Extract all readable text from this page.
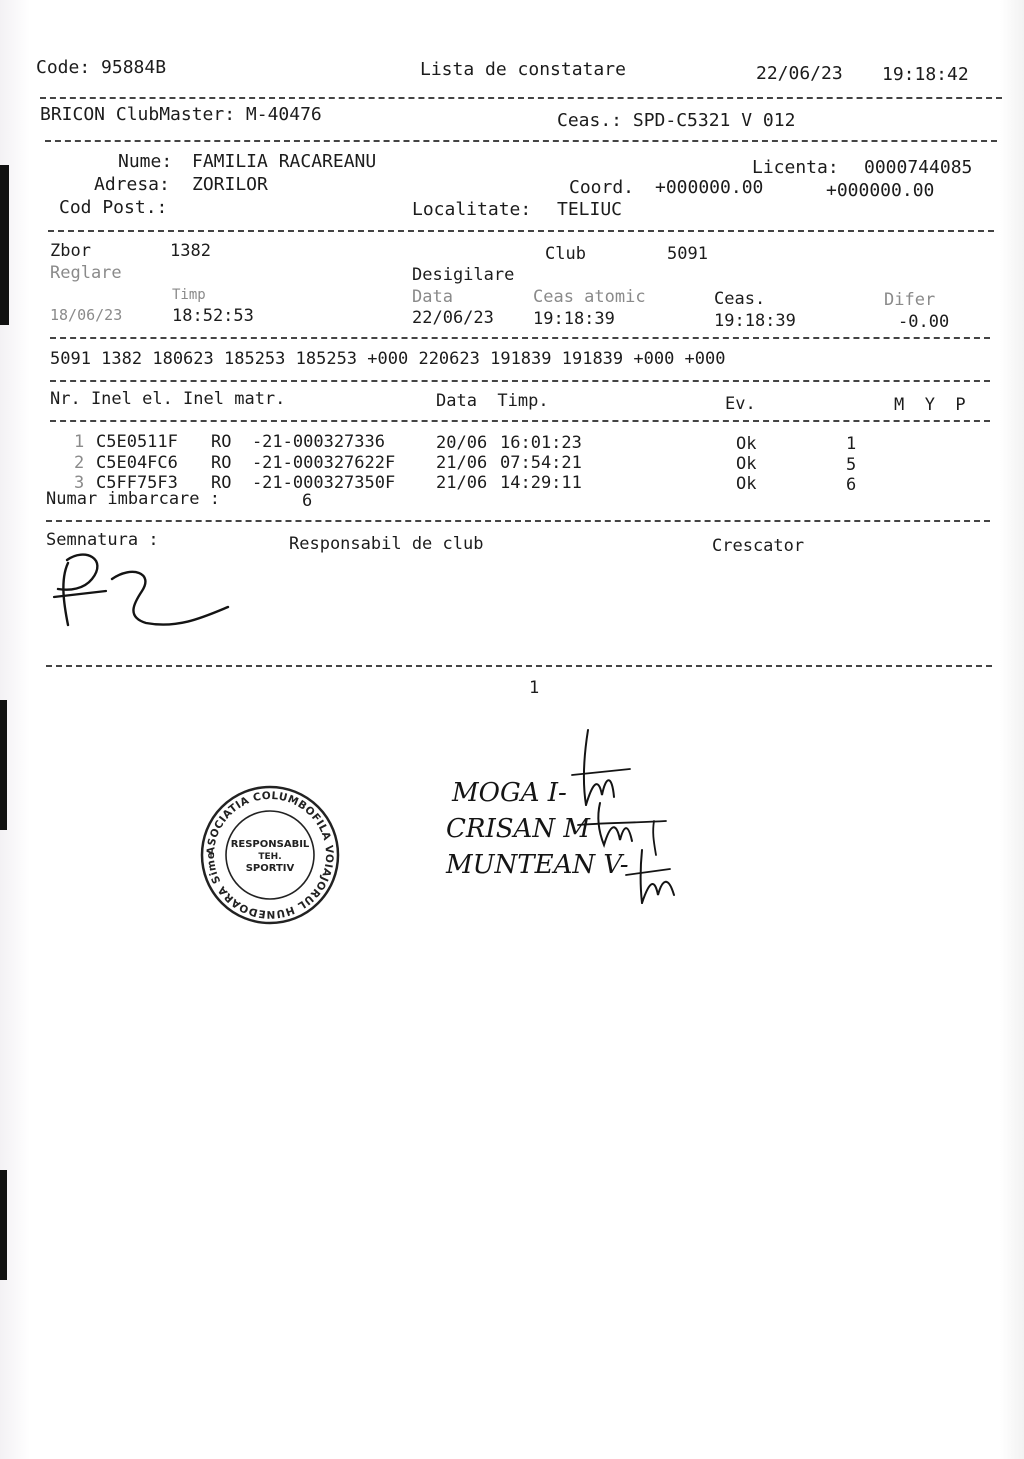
Code: 95884B	Lista de constatare	22/06/23 19:18:42
BRICON ClubMaster: M-40476	Ceas.: SPD-C5321 V 012
Nume: FAMILIA RACAREANU	Licenta: 0000744085
Adresa: ZORILOR	Coord. +000000.00	+000000.00
Cod Post.:	Localitate: TELIUC
Zbor	1382	Club	5091
Reglare	Desigilare
Timp	Data	Ceas atomic	Ceas.	Difer
18/06/23	18:52:53	22/06/23 19:18:39	19:18:39	-0.00
5091 1382 180623 185253 185253 +000 220623 191839 191839 +000 +000
Nr. Inel el. Inel matr.	Data  Timp.	Ev.	M  Y  P
1 C5E0511F RO  -21-000327336	20/06 16:01:23	Ok	1
2 C5E04FC6 RO  -21-000327622F 21/06 07:54:21	Ok	5
3 C5FF75F3 RO  -21-000327350F 21/06 14:29:11	Ok	6
Numar imbarcare :	6
Semnatura :	Responsabil de club	Crescator
1
ASOCIATIA COLUMBOFILA VOIAJORUL HUNEDOARA Simeria Jud. Hunedoara
RESPONSABIL
TEH.
SPORTIV
MOGA I-
CRISAN M
MUNTEAN V-
